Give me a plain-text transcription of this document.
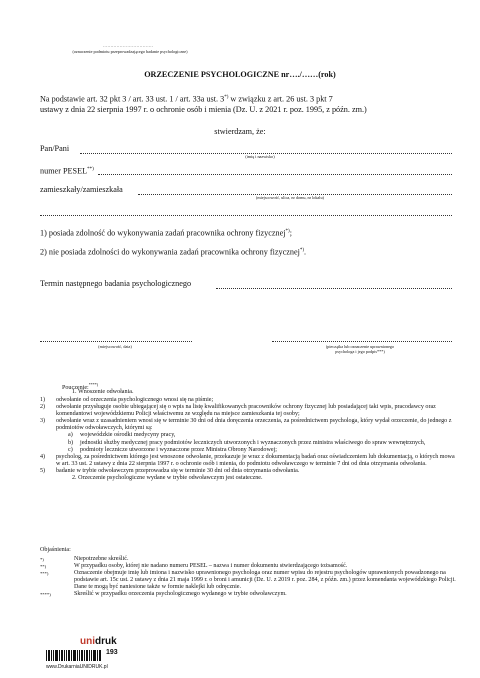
……………………………
(oznaczenie podmiotu przeprowadzającego badanie psychologiczne)
ORZECZENIE PSYCHOLOGICZNE nr…./……(rok)
Na podstawie art. 32 pkt 3 / art. 33 ust. 1 / art. 33a ust. 3*) w związku z art. 26 ust. 3 pkt 7
ustawy z dnia 22 sierpnia 1997 r. o ochronie osób i mienia (Dz. U. z 2021 r. poz. 1995, z późn. zm.)
stwierdzam, że:
Pan/Pani
(imię i nazwisko)
numer PESEL**)
zamieszkały/zamieszkała
(miejscowość, ulica, nr domu, nr lokalu)
1) posiada zdolność do wykonywania zadań pracownika ochrony fizycznej*);
2) nie posiada zdolności do wykonywania zadań pracownika ochrony fizycznej*).
Termin następnego badania psychologicznego
(miejscowość, data)	(pieczątka lub oznaczenie uprawnionego
psychologa i jego podpis***)
Pouczenie:****)
1. Wnoszenie odwołania.
1)	odwołanie od orzeczenia psychologicznego wnosi się na piśmie;
2)	odwołanie przysługuje osobie ubiegającej się o wpis na listę kwalifikowanych pracowników ochrony fizycznej lub posiadającej taki wpis, pracodawcy oraz komendantowi wojewódzkiemu Policji właściwemu ze względu na miejsce zamieszkania tej osoby;
3)	odwołanie wraz z uzasadnieniem wnosi się w terminie 30 dni od dnia doręczenia orzeczenia, za pośrednictwem psychologa, który wydał orzeczenie, do jednego z podmiotów odwoławczych, którymi są:
a)	wojewódzkie ośrodki medycyny pracy,
b)	jednostki służby medycznej pracy podmiotów leczniczych utworzonych i wyznaczonych przez ministra właściwego do spraw wewnętrznych,
c)	podmioty lecznicze utworzone i wyznaczone przez Ministra Obrony Narodowej;
4)	psycholog, za pośrednictwem którego jest wnoszone odwołanie, przekazuje je wraz z dokumentacją badań oraz oświadczeniem lub dokumentacją, o których mowa w art. 33 ust. 2 ustawy z dnia 22 sierpnia 1997 r. o ochronie osób i mienia, do podmiotu odwoławczego w terminie 7 dni od dnia otrzymania odwołania.
5)	badanie w trybie odwoławczym przeprowadza się w terminie 30 dni od dnia otrzymania odwołania.
2. Orzeczenie psychologiczne wydane w trybie odwoławczym jest ostateczne.
Objaśnienia:
*)	Niepotrzebne skreślić.
**)	W przypadku osoby, której nie nadano numeru PESEL – nazwa i numer dokumentu stwierdzającego tożsamość.
***)	Oznaczenie obejmuje imię lub imiona i nazwisko uprawnionego psychologa oraz numer wpisu do rejestru psychologów uprawnionych powadzonego na podstawie art. 15c ust. 2 ustawy z dnia 21 maja 1999 r. o broni i amunicji (Dz. U. z 2019 r. poz. 284, z późn. zm.) przez komendanta wojewódzkiego Policji. Dane te mogą być naniesione także w formie naklejki lub odręcznie.
****)	Skreślić w przypadku orzeczenia psychologicznego wydanego w trybie odwoławczym.
unidruk
193
www.DrukarniaUNIDRUK.pl
